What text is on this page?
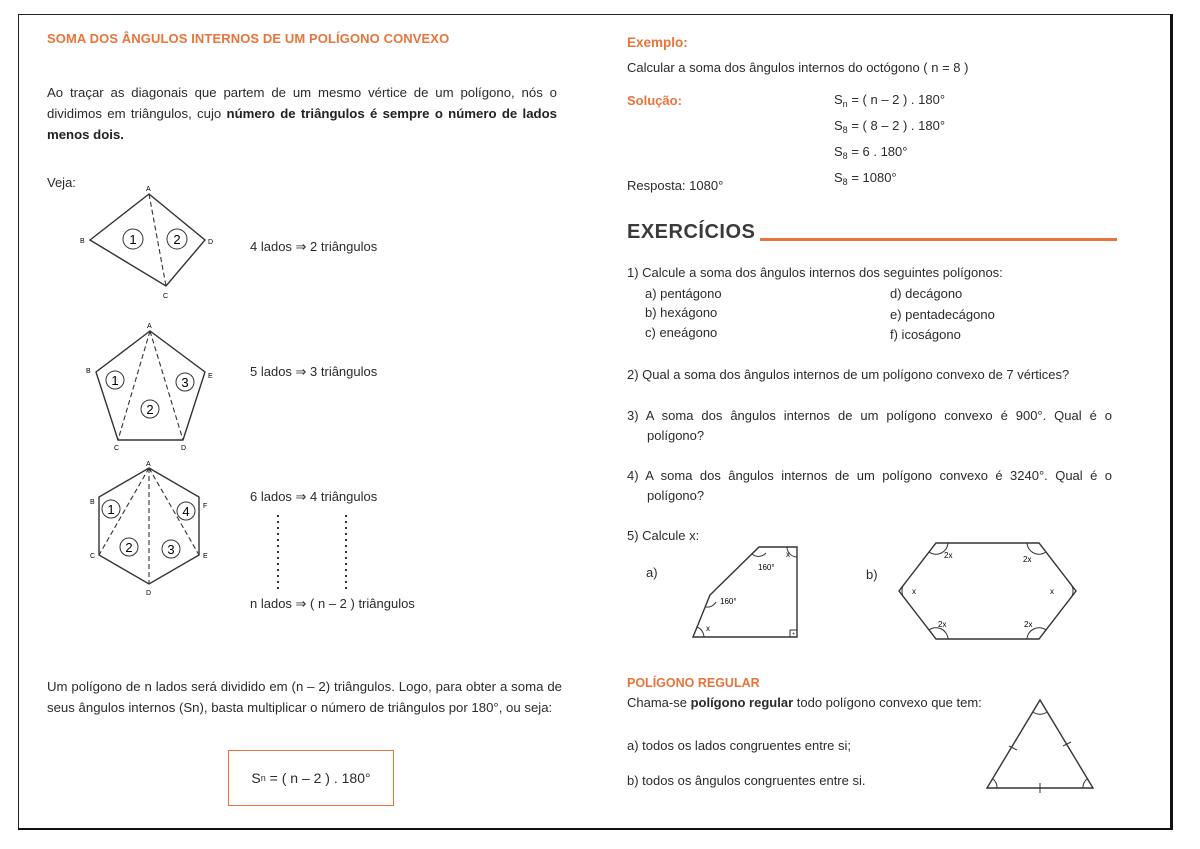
SOMA DOS ÂNGULOS INTERNOS DE UM POLÍGONO CONVEXO
Ao traçar as diagonais que partem de um mesmo vértice de um polígono, nós o dividimos em triângulos, cujo número de triângulos é sempre o número de lados menos dois.
Veja:
1	2
A
B
C
D	4 lados ⇒ 2 triângulos
1
2
3
A
B
C	D
E	5 lados ⇒ 3 triângulos
1
2	3
4
A
B
C
D
E
F
6 lados ⇒ 4 triângulos
n lados ⇒ ( n – 2 ) triângulos
Um polígono de n lados será dividido em (n – 2) triângulos. Logo, para obter a soma de seus ângulos internos (Sn), basta multiplicar o número de triângulos por 180°, ou seja:
S n
= ( n – 2 ) . 180°
Exemplo:
Calcular a soma dos ângulos internos do octógono ( n = 8 )
Solução:	$S_n$ = ( n – 2 ) . 180°
$S_8$ = ( 8 – 2 ) . 180°
$S_8 = 6$ . 180°
$S_8 = 1080^\circ$
Resposta: 1080°
EXERCÍCIOS
1) Calcule a soma dos ângulos internos dos seguintes polígonos:
a) pentágono
b) hexágono
c) eneágono
d) decágono
e) pentadecágono
f) icoságono
2) Qual a soma dos ângulos internos de um polígono convexo de 7 vértices?
3) A soma dos ângulos internos de um polígono convexo é 900°. Qual é o
polígono?
4) A soma dos ângulos internos de um polígono convexo é 3240°. Qual é o
polígono?
5) Calcule x:
a)	b)
x
160°
160°
x	2x	2x
x	x
2x	2x
POLÍGONO REGULAR
Chama-se polígono regular todo polígono convexo que tem:
a) todos os lados congruentes entre si;
b) todos os ângulos congruentes entre si.
